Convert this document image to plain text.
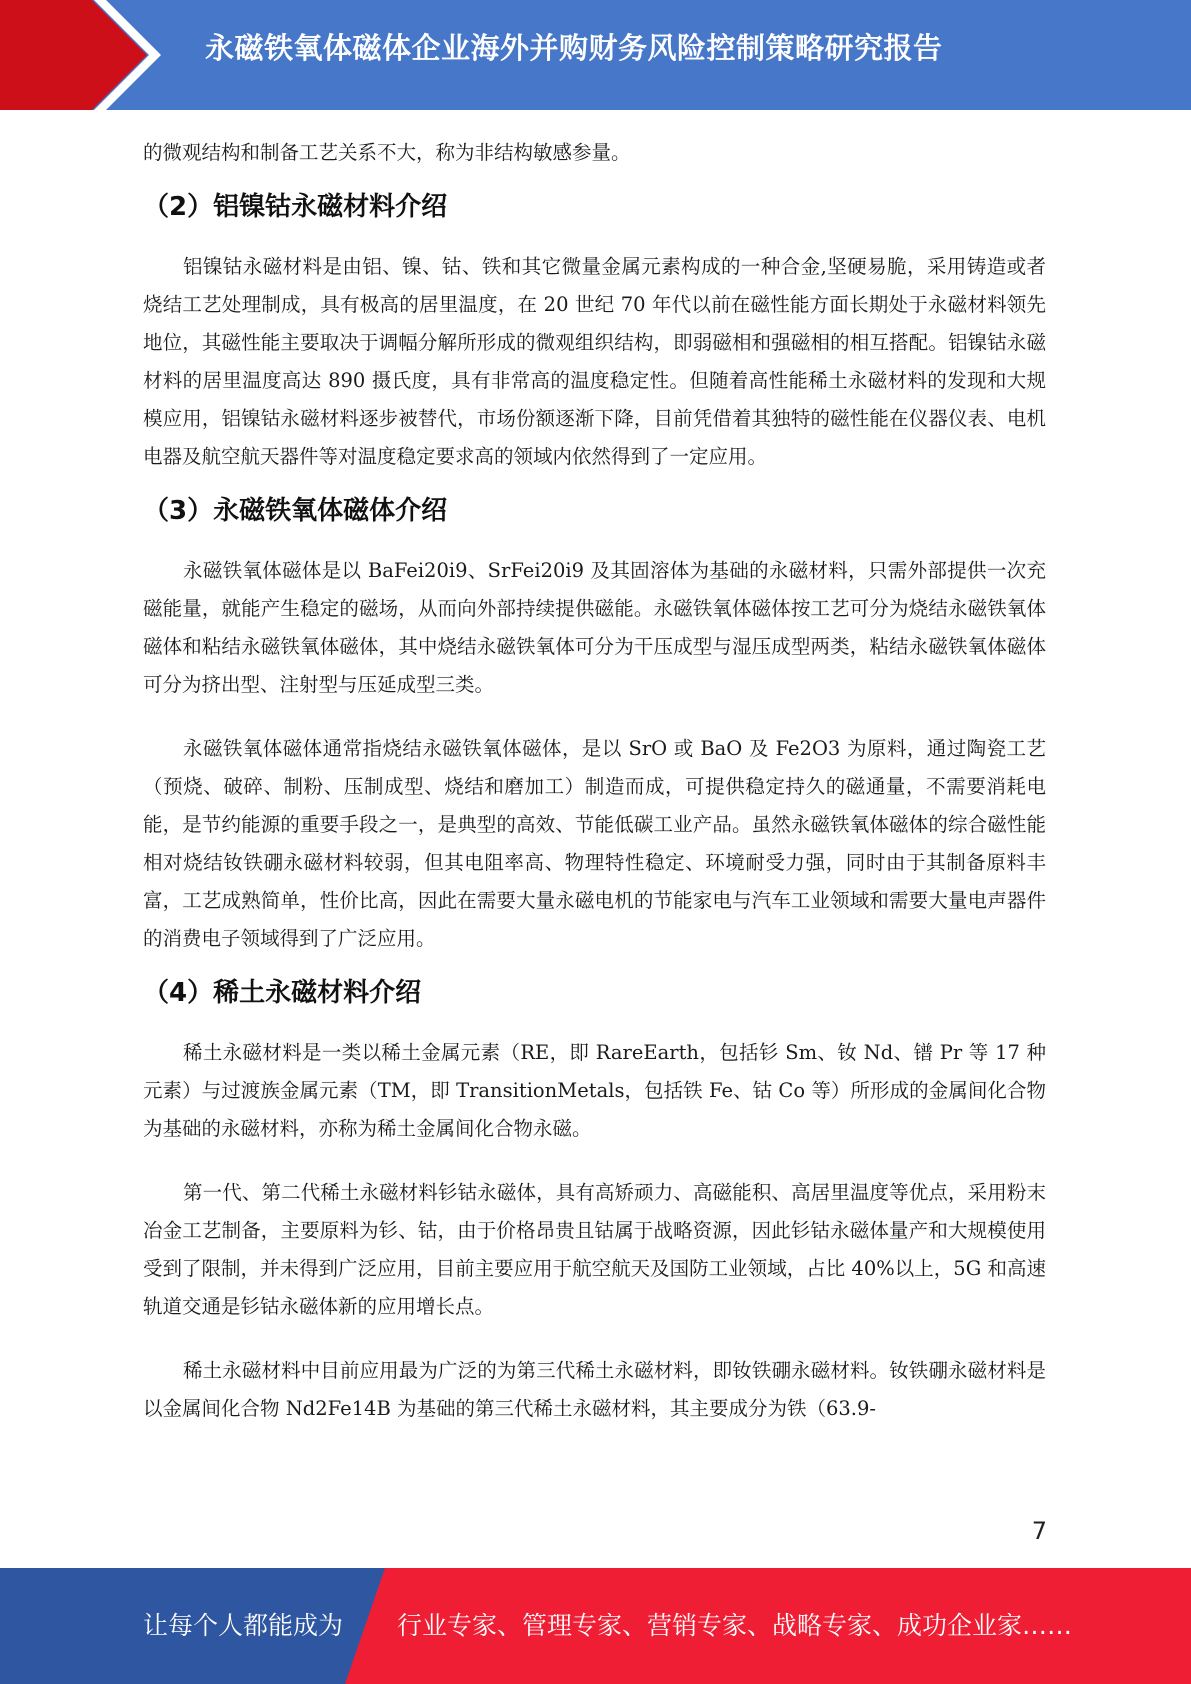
永磁铁氧体磁体企业海外并购财务风险控制策略研究报告

的微观结构和制备工艺关系不大，称为非结构敏感参量。

（2）铝镍钴永磁材料介绍

铝镍钴永磁材料是由铝、镍、钴、铁和其它微量金属元素构成的一种合金,坚硬易脆，采用铸造或者烧结工艺处理制成，具有极高的居里温度，在 20 世纪 70 年代以前在磁性能方面长期处于永磁材料领先地位，其磁性能主要取决于调幅分解所形成的微观组织结构，即弱磁相和强磁相的相互搭配。铝镍钴永磁材料的居里温度高达 890 摄氏度，具有非常高的温度稳定性。但随着高性能稀土永磁材料的发现和大规模应用，铝镍钴永磁材料逐步被替代，市场份额逐渐下降，目前凭借着其独特的磁性能在仪器仪表、电机电器及航空航天器件等对温度稳定要求高的领域内依然得到了一定应用。

（3）永磁铁氧体磁体介绍

永磁铁氧体磁体是以 BaFei20i9、SrFei20i9 及其固溶体为基础的永磁材料，只需外部提供一次充磁能量，就能产生稳定的磁场，从而向外部持续提供磁能。永磁铁氧体磁体按工艺可分为烧结永磁铁氧体磁体和粘结永磁铁氧体磁体，其中烧结永磁铁氧体可分为干压成型与湿压成型两类，粘结永磁铁氧体磁体可分为挤出型、注射型与压延成型三类。

永磁铁氧体磁体通常指烧结永磁铁氧体磁体，是以 SrO 或 BaO 及 Fe2O3 为原料，通过陶瓷工艺（预烧、破碎、制粉、压制成型、烧结和磨加工）制造而成，可提供稳定持久的磁通量，不需要消耗电能，是节约能源的重要手段之一，是典型的高效、节能低碳工业产品。虽然永磁铁氧体磁体的综合磁性能相对烧结钕铁硼永磁材料较弱，但其电阻率高、物理特性稳定、环境耐受力强，同时由于其制备原料丰富，工艺成熟简单，性价比高，因此在需要大量永磁电机的节能家电与汽车工业领域和需要大量电声器件的消费电子领域得到了广泛应用。

（4）稀土永磁材料介绍

稀土永磁材料是一类以稀土金属元素（RE，即 RareEarth，包括钐 Sm、钕 Nd、镨 Pr 等 17 种元素）与过渡族金属元素（TM，即 TransitionMetals，包括铁 Fe、钴 Co 等）所形成的金属间化合物为基础的永磁材料，亦称为稀土金属间化合物永磁。

第一代、第二代稀土永磁材料钐钴永磁体，具有高矫顽力、高磁能积、高居里温度等优点，采用粉末冶金工艺制备，主要原料为钐、钴，由于价格昂贵且钴属于战略资源，因此钐钴永磁体量产和大规模使用受到了限制，并未得到广泛应用，目前主要应用于航空航天及国防工业领域，占比 40%以上，5G 和高速轨道交通是钐钴永磁体新的应用增长点。

稀土永磁材料中目前应用最为广泛的为第三代稀土永磁材料，即钕铁硼永磁材料。钕铁硼永磁材料是以金属间化合物 Nd2Fe14B 为基础的第三代稀土永磁材料，其主要成分为铁（63.9-

7
让每个人都能成为 行业专家、管理专家、营销专家、战略专家、成功企业家……
